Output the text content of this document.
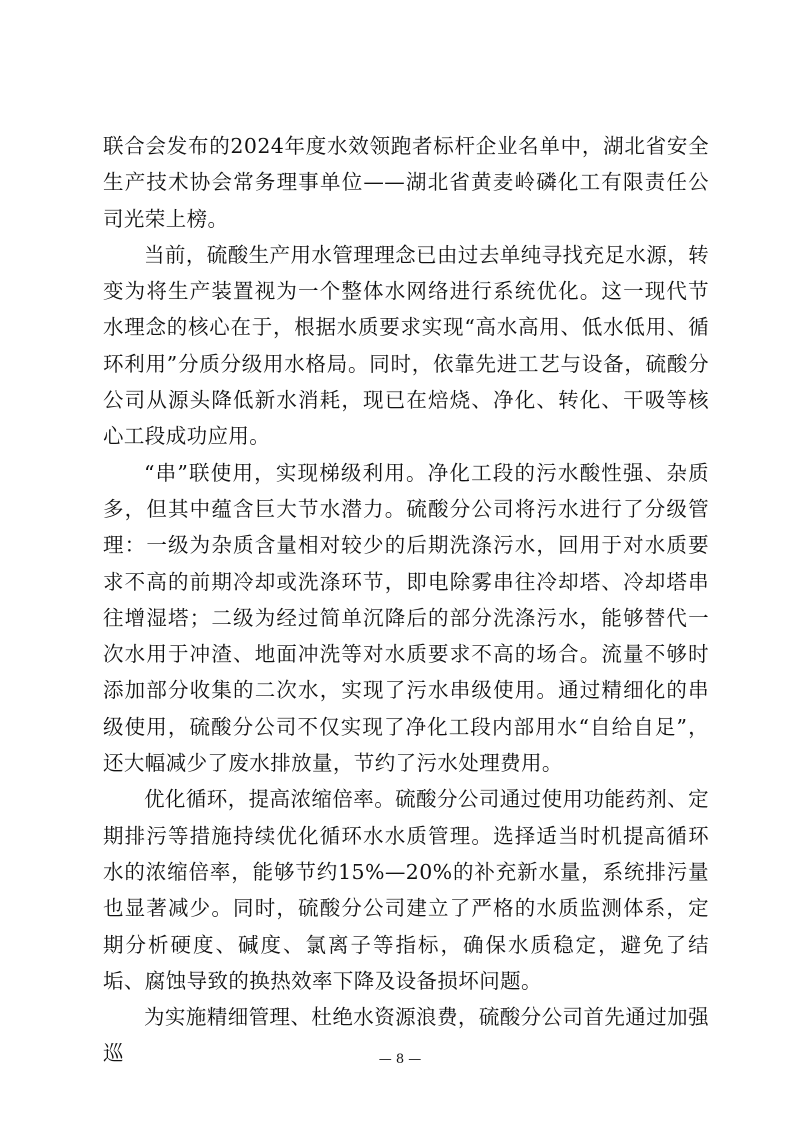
联合会发布的2024年度水效领跑者标杆企业名单中，湖北省安全生产技术协会常务理事单位——湖北省黄麦岭磷化工有限责任公司光荣上榜。

当前，硫酸生产用水管理理念已由过去单纯寻找充足水源，转变为将生产装置视为一个整体水网络进行系统优化。这一现代节水理念的核心在于，根据水质要求实现“高水高用、低水低用、循环利用”分质分级用水格局。同时，依靠先进工艺与设备，硫酸分公司从源头降低新水消耗，现已在焙烧、净化、转化、干吸等核心工段成功应用。

“串”联使用，实现梯级利用。净化工段的污水酸性强、杂质多，但其中蕴含巨大节水潜力。硫酸分公司将污水进行了分级管理：一级为杂质含量相对较少的后期洗涤污水，回用于对水质要求不高的前期冷却或洗涤环节，即电除雾串往冷却塔、冷却塔串往增湿塔；二级为经过简单沉降后的部分洗涤污水，能够替代一次水用于冲渣、地面冲洗等对水质要求不高的场合。流量不够时添加部分收集的二次水，实现了污水串级使用。通过精细化的串级使用，硫酸分公司不仅实现了净化工段内部用水“自给自足”，还大幅减少了废水排放量，节约了污水处理费用。

优化循环，提高浓缩倍率。硫酸分公司通过使用功能药剂、定期排污等措施持续优化循环水水质管理。选择适当时机提高循环水的浓缩倍率，能够节约15%—20%的补充新水量，系统排污量也显著减少。同时，硫酸分公司建立了严格的水质监测体系，定期分析硬度、碱度、氯离子等指标，确保水质稳定，避免了结垢、腐蚀导致的换热效率下降及设备损坏问题。

为实施精细管理、杜绝水资源浪费，硫酸分公司首先通过加强巡	— 8 —
